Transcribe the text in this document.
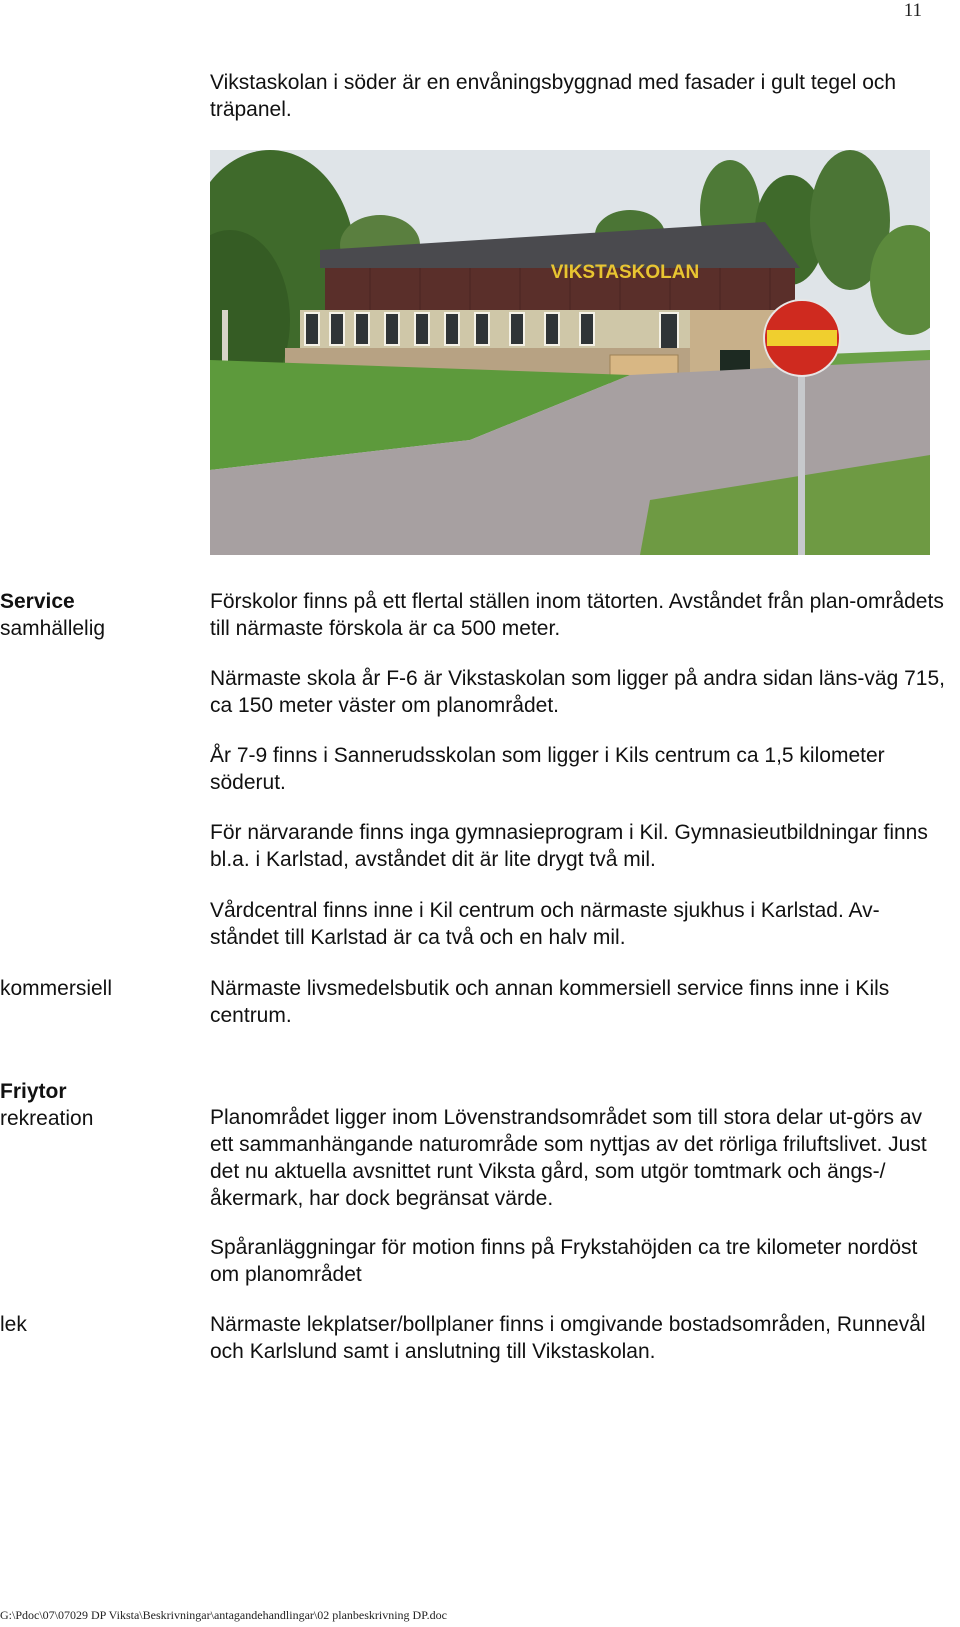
11

Vikstaskolan i söder är en envåningsbyggnad med fasader i gult tegel och träpanel.

VIKSTASKOLAN
Service
samhällelig

Förskolor finns på ett flertal ställen inom tätorten. Avståndet från plan-områdets till närmaste förskola är ca 500 meter.

Närmaste skola år F-6 är Vikstaskolan som ligger på andra sidan läns-väg 715, ca 150 meter väster om planområdet.

År 7-9 finns i Sannerudsskolan som ligger i Kils centrum ca 1,5 kilometer söderut.

För närvarande finns inga gymnasieprogram i Kil. Gymnasieutbildningar finns bl.a. i Karlstad, avståndet dit är lite drygt två mil.

Vårdcentral finns inne i Kil centrum och närmaste sjukhus i Karlstad. Av-ståndet till Karlstad är ca två och en halv mil.

kommersiell	Närmaste livsmedelsbutik och annan kommersiell service finns inne i Kils centrum.

Friytor
rekreation	Planområdet ligger inom Lövenstrandsområdet som till stora delar ut-görs av ett sammanhängande naturområde som nyttjas av det rörliga friluftslivet. Just det nu aktuella avsnittet runt Viksta gård, som utgör tomtmark och ängs-/åkermark, har dock begränsat värde.

Spåranläggningar för motion finns på Frykstahöjden ca tre kilometer nordöst om planområdet

lek	Närmaste lekplatser/bollplaner finns i omgivande bostadsområden, Runnevål och Karlslund samt i anslutning till Vikstaskolan.

G:\Pdoc\07\07029 DP Viksta\Beskrivningar\antagandehandlingar\02 planbeskrivning DP.doc
